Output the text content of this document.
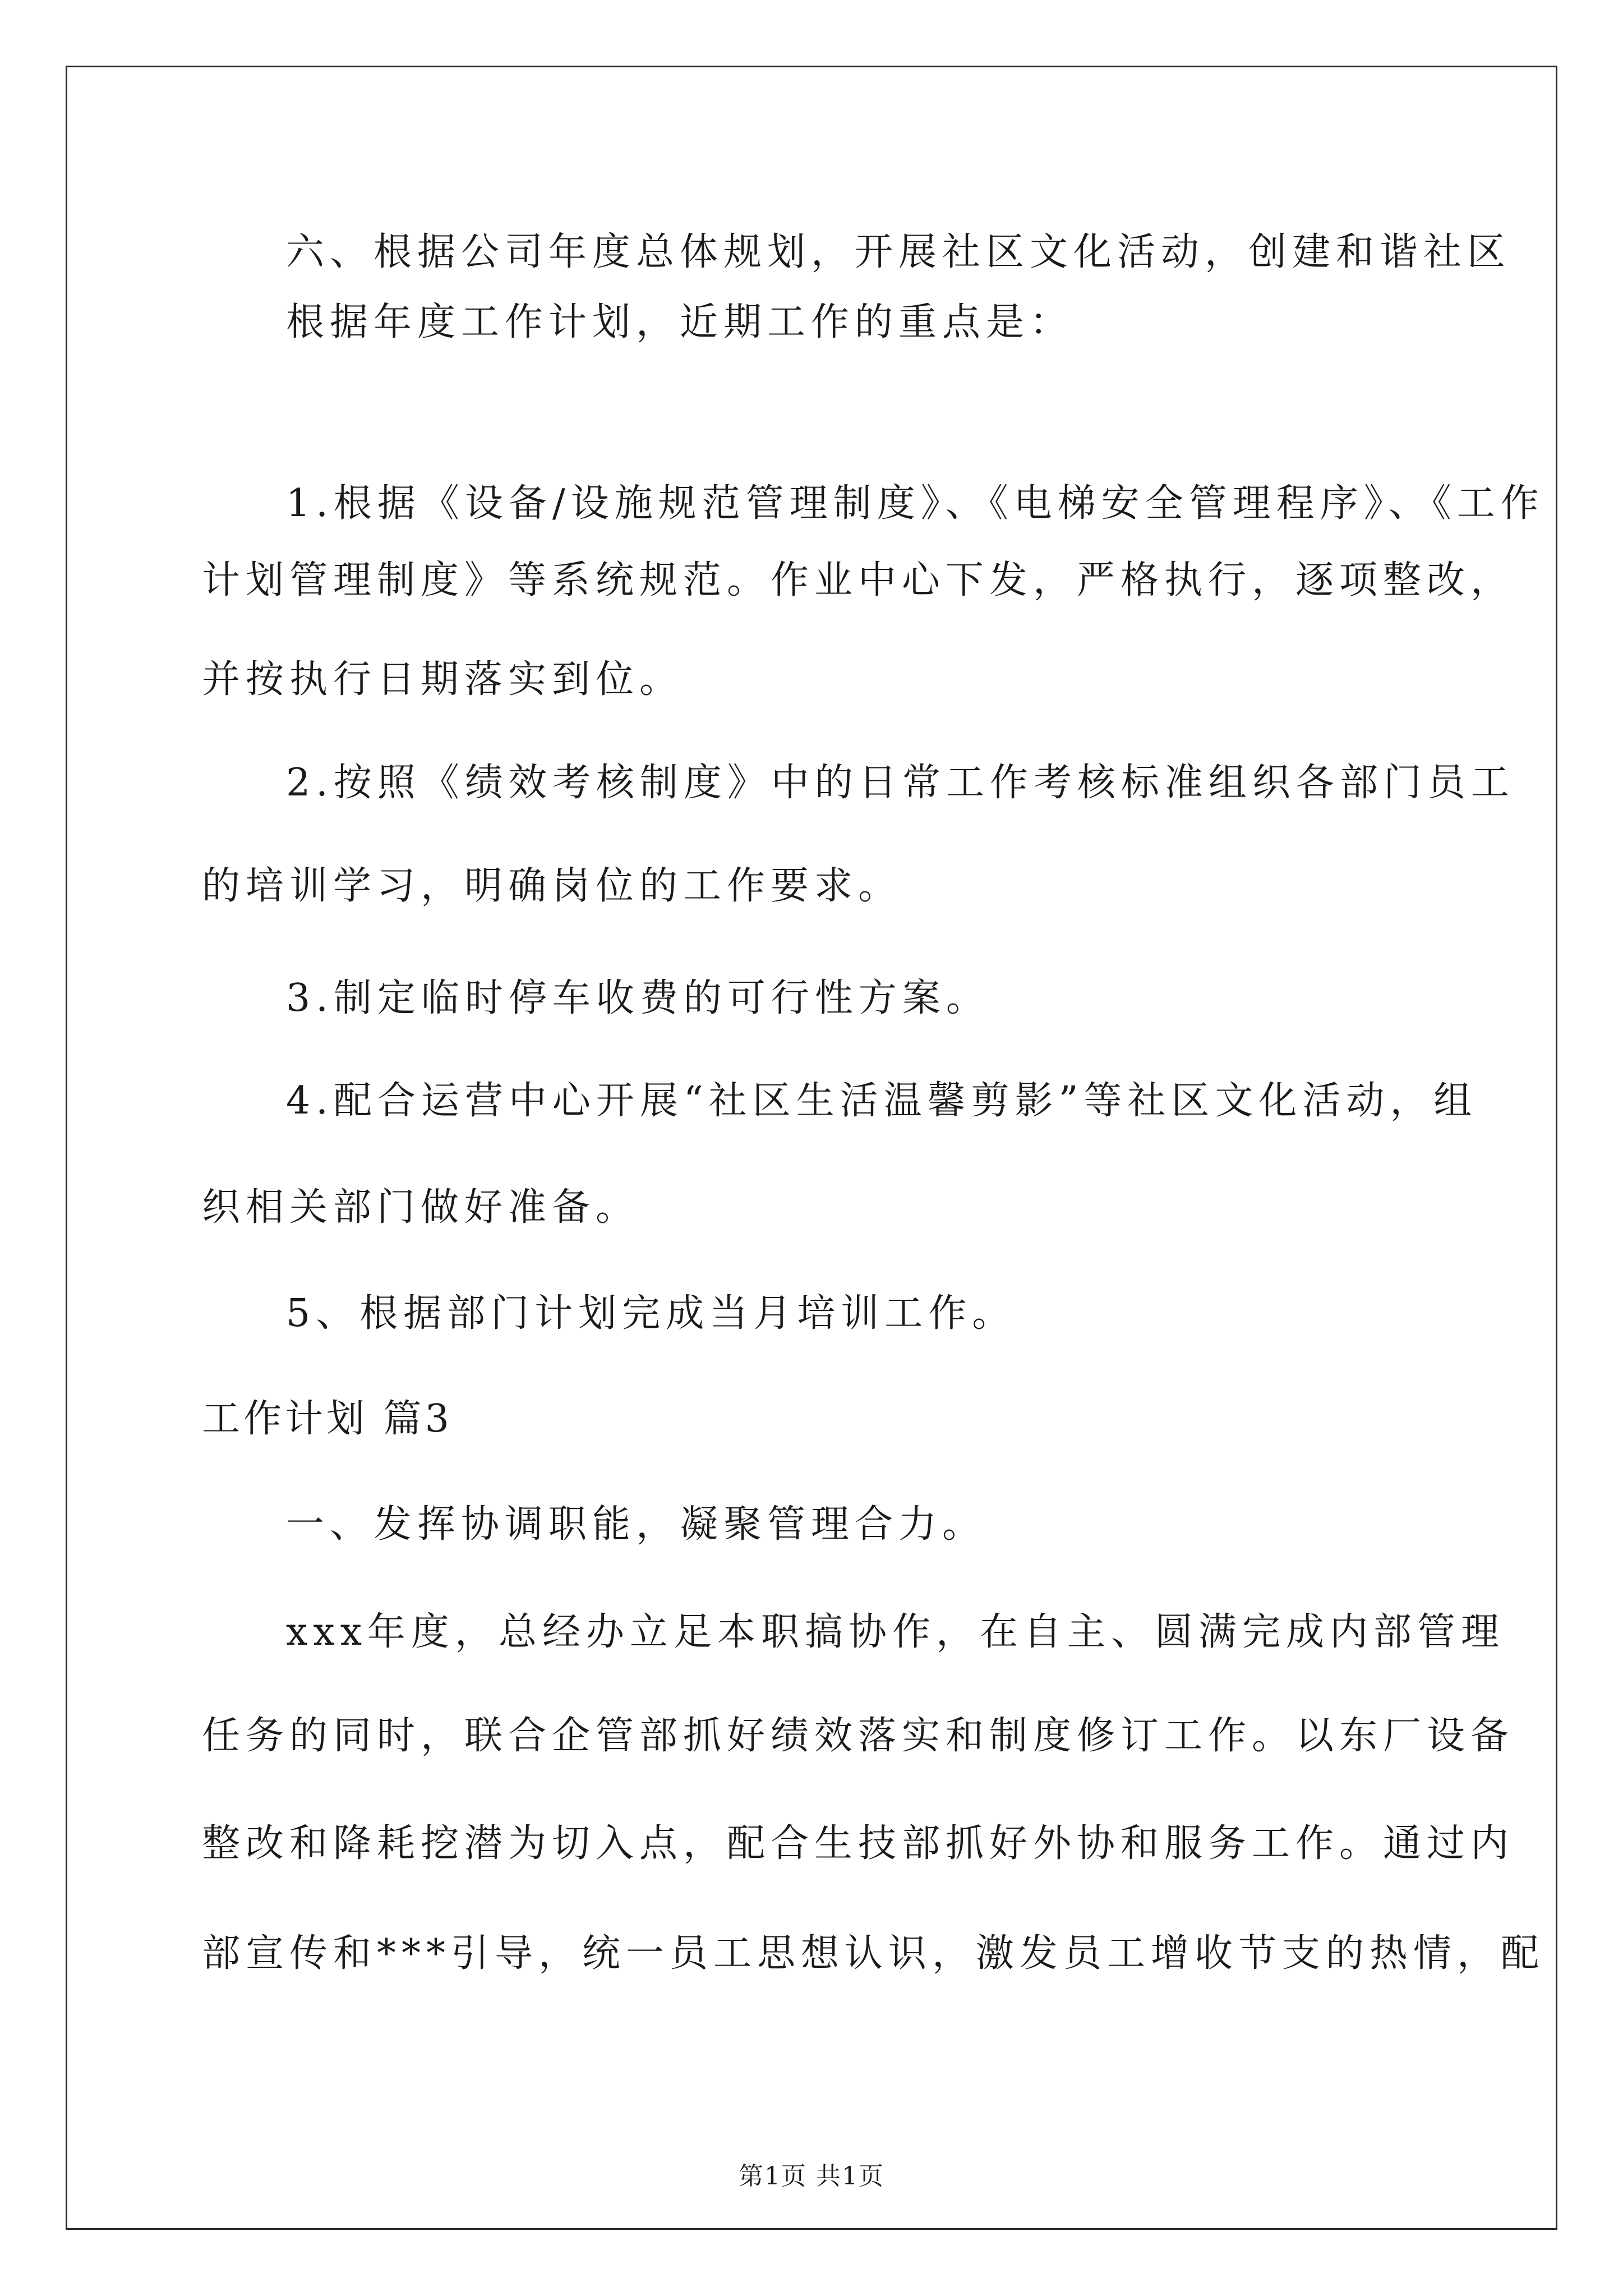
六、根据公司年度总体规划，开展社区文化活动，创建和谐社区
根据年度工作计划，近期工作的重点是：
1.根据《设备/设施规范管理制度》、《电梯安全管理程序》、《工作
计划管理制度》等系统规范。作业中心下发，严格执行，逐项整改，
并按执行日期落实到位。
2.按照《绩效考核制度》中的日常工作考核标准组织各部门员工
的培训学习，明确岗位的工作要求。
3.制定临时停车收费的可行性方案。
4.配合运营中心开展“社区生活温馨剪影”等社区文化活动，组
织相关部门做好准备。
5、根据部门计划完成当月培训工作。
工作计划 篇3
一、发挥协调职能，凝聚管理合力。
xxx年度，总经办立足本职搞协作，在自主、圆满完成内部管理
任务的同时，联合企管部抓好绩效落实和制度修订工作。以东厂设备
整改和降耗挖潜为切入点，配合生技部抓好外协和服务工作。通过内
部宣传和***引导，统一员工思想认识，激发员工增收节支的热情，配
第1页 共1页
